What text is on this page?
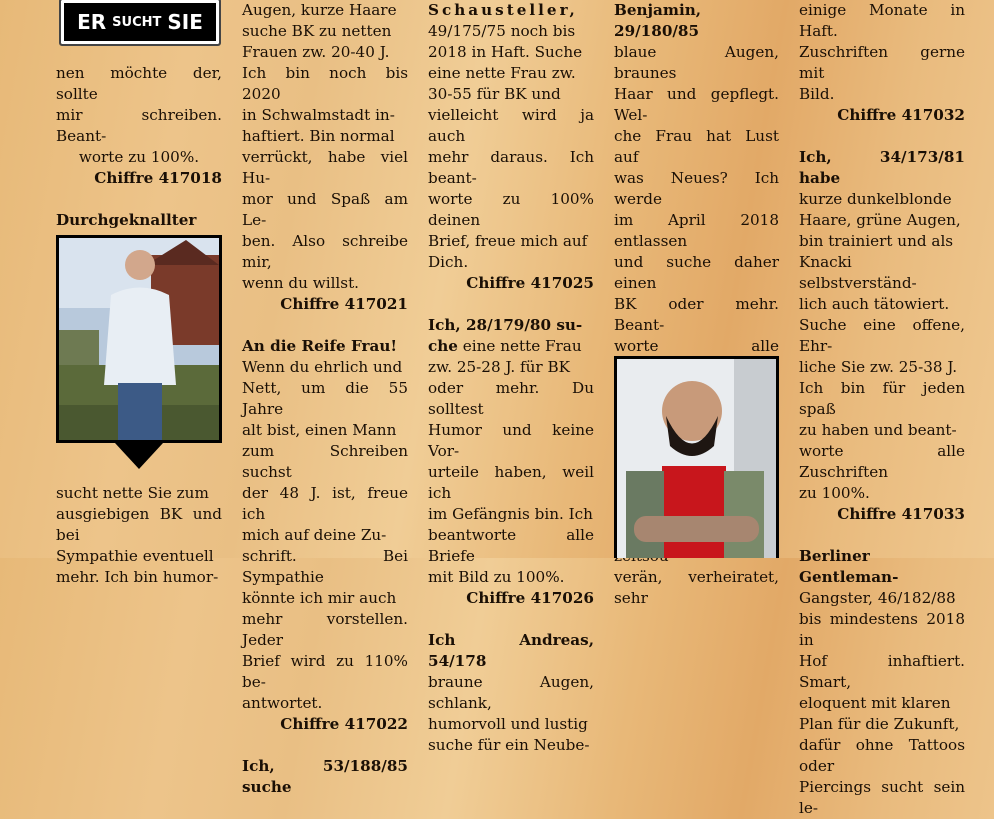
ER SUCHT SIE

nen möchte der, sollte

mir schreiben. Beant-

worte zu 100%.

Chiffre 417018

Durchgeknallter

sucht nette Sie zum

ausgiebigen BK und bei

Sympathie eventuell

mehr. Ich bin humor-

Augen, kurze Haare

suche BK zu netten

Frauen zw. 20-40 J.

Ich bin noch bis 2020

in Schwalmstadt in-

haftiert. Bin normal

verrückt, habe viel Hu-

mor und Spaß am Le-

ben. Also schreibe mir,

wenn du willst.

Chiffre 417021

An die Reife Frau!

Wenn du ehrlich und

Nett, um die 55 Jahre

alt bist, einen Mann

zum Schreiben suchst

der 48 J. ist, freue ich

mich auf deine Zu-

schrift. Bei Sympathie

könnte ich mir auch

mehr vorstellen. Jeder

Brief wird zu 110% be-

antwortet.

Chiffre 417022

Ich, 53/188/85 suche

Schausteller,

49/175/75 noch bis

2018 in Haft. Suche

eine nette Frau zw.

30-55 für BK und

vielleicht wird ja auch

mehr daraus. Ich beant-

worte zu 100% deinen

Brief, freue mich auf

Dich.

Chiffre 417025

Ich, 28/179/80 su-

che eine nette Frau

zw. 25-28 J. für BK

oder mehr. Du solltest

Humor und keine Vor-

urteile haben, weil ich

im Gefängnis bin. Ich

beantworte alle Briefe

mit Bild zu 100%.

Chiffre 417026

Ich Andreas, 54/178

braune Augen, schlank,

humorvoll und lustig

suche für ein Neube-

Benjamin, 29/180/85

blaue Augen, braunes

Haar und gepflegt. Wel-

che Frau hat Lust auf

was Neues? Ich werde

im April 2018 entlassen

und suche daher einen

BK oder mehr. Beant-

worte alle

verän, verheiratet, sehr

einige Monate in Haft.

Zuschriften gerne mit

Bild.

Chiffre 417032

Ich, 34/173/81 habe

kurze dunkelblonde

Haare, grüne Augen,

bin trainiert und als

Knacki selbstverständ-

lich auch tätowiert.

Suche eine offene, Ehr-

liche Sie zw. 25-38 J.

Ich bin für jeden spaß

zu haben und beant-

worte alle Zuschriften

zu 100%.

Chiffre 417033

Berliner Gentleman-

Gangster, 46/182/88

bis mindestens 2018 in

Hof inhaftiert. Smart,

eloquent mit klaren

Plan für die Zukunft,

dafür ohne Tattoos oder

Piercings sucht sein le-
